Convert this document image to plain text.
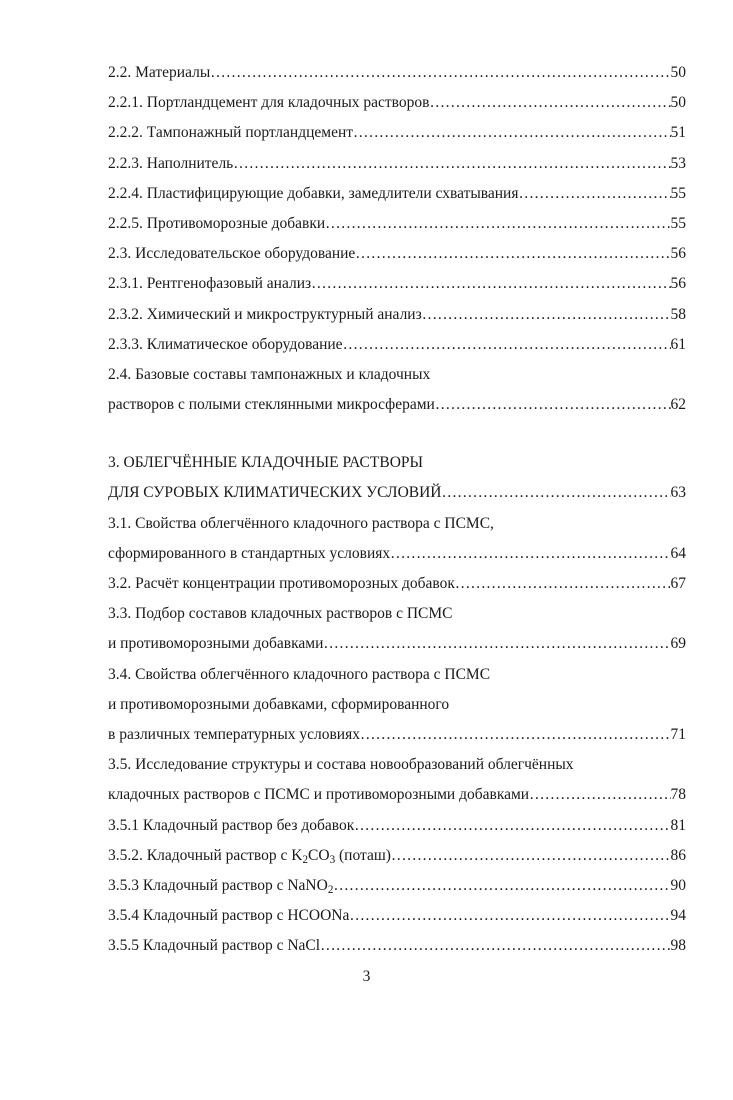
2.2. Материалы ……………………………………………………………………………………………………………………………………………………	50
2.2.1. Портландцемент для кладочных растворов ……………………………………………………………………………………………………………………………………………………	50
2.2.2. Тампонажный портландцемент ……………………………………………………………………………………………………………………………………………………	51
2.2.3. Наполнитель ……………………………………………………………………………………………………………………………………………………	53
2.2.4. Пластифицирующие добавки, замедлители схватывания ……………………………………………………………………………………………………………………………………………………	55
2.2.5. Противоморозные добавки ……………………………………………………………………………………………………………………………………………………	55
2.3. Исследовательское оборудование ……………………………………………………………………………………………………………………………………………………	56
2.3.1. Рентгенофазовый анализ ……………………………………………………………………………………………………………………………………………………	56
2.3.2. Химический и микроструктурный анализ ……………………………………………………………………………………………………………………………………………………	58
2.3.3. Климатическое оборудование ……………………………………………………………………………………………………………………………………………………	61
2.4. Базовые составы тампонажных и кладочных
растворов с полыми стеклянными микросферами ……………………………………………………………………………………………………………………………………………………	62
3. ОБЛЕГЧЁННЫЕ КЛАДОЧНЫЕ РАСТВОРЫ
ДЛЯ СУРОВЫХ КЛИМАТИЧЕСКИХ УСЛОВИЙ ……………………………………………………………………………………………………………………………………………………	63
3.1. Свойства облегчённого кладочного раствора с ПСМС,
сформированного в стандартных условиях ……………………………………………………………………………………………………………………………………………………	64
3.2. Расчёт концентрации противоморозных добавок ……………………………………………………………………………………………………………………………………………………	67
3.3. Подбор составов кладочных растворов с ПСМС
и противоморозными добавками ……………………………………………………………………………………………………………………………………………………	69
3.4. Свойства облегчённого кладочного раствора с ПСМС
и противоморозными добавками, сформированного
в различных температурных условиях ……………………………………………………………………………………………………………………………………………………	71
3.5. Исследование структуры и состава новообразований облегчённых
кладочных растворов с ПСМС и противоморозными добавками ……………………………………………………………………………………………………………………………………………………	78
3.5.1 Кладочный раствор без добавок ……………………………………………………………………………………………………………………………………………………	81
3.5.2. Кладочный раствор с $K_2CO_3$ (поташ) ……………………………………………………………………………………………………………………………………………………	86
3.5.3 Кладочный раствор с NaNO$_2$ ……………………………………………………………………………………………………………………………………………………	90
3.5.4 Кладочный раствор с HCOONa ……………………………………………………………………………………………………………………………………………………	94
3.5.5 Кладочный раствор с NaCl ……………………………………………………………………………………………………………………………………………………	98
3
